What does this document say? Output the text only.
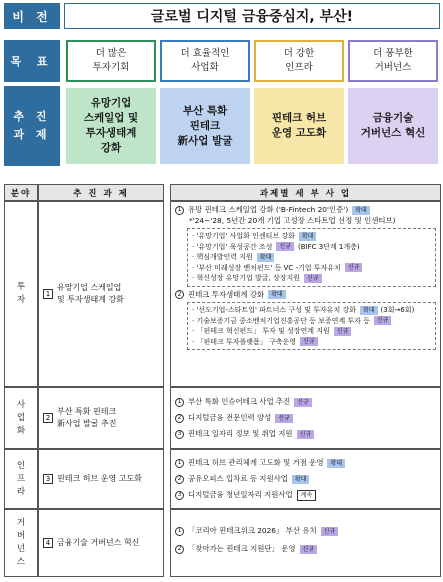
비 전	글로벌 디지털 금융중심지, 부산!
목 표
더 많은
투자기회
더 효율적인
사업화
더 강한
인프라
더 풍부한
거버넌스
추 진
과 제
유망기업
스케일업 및
투자생태계
강화
부산 특화
핀테크
新사업 발굴
핀테크 허브
운영 고도화
금융기술
거버넌스 혁신
분야	추 진 과 제	과제별 세 부 사 업
투
자
1
유망기업 스케일업
및 투자생태계 강화
1 유망 핀테크 스케일업 강화 ('B-Fintech 20'인증')	확대
*'24~'28, 5년간 20개 기업 고성장 스타트업 선정 및 인센티브)
· '유망기업' 사업화 인센티브 강화	확대
· '유망기업' 육성공간 조성	신규	(BIFC 3단계 1개층)
· 핵심개발인력 지원	확대
· '부산 미래성장 벤처펀드' 등 VC -기업 투자유치	신규
· 혁신성장 유망기업 발굴, 상장지원	신규
2 핀테크 투자생태계 강화	확대
· '선도기업-스타트업' 파트너스 구성 및 투자유치 강화	확대 (3회→6회)
· 기술보증기금 중소벤처기업진흥공단 등 보증연계 투자 등	신규
· 「핀테크 혁신펀드」 투자 및 성장연계 지원	신규
· 「핀테크 투자플랫폼」 구축운영	신규
사
업
화
2
부산 특화 핀테크
新사업 발굴 추진
1 부산 특화 인슈어테크 사업 추진	신규
2 디지털금융 전문인력 양성	신규
3 핀테크 일자리 정보 및 취업 지원	신규
인
프
라
3 핀테크 허브 운영 고도화
1 핀테크 허브 관리체계 고도화 및 거점 운영	확대
2 공유오피스 입차료 등 지원사업	확대
3 디지털금융 청년일자리 지원사업	계속
거
버
넌
스
4 금융기술 거버넌스 혁신
1 「코리아 핀테크위크 2026」 부산 유치	신규
2 「찾아가는 핀테크 지원단」 운영	신규
